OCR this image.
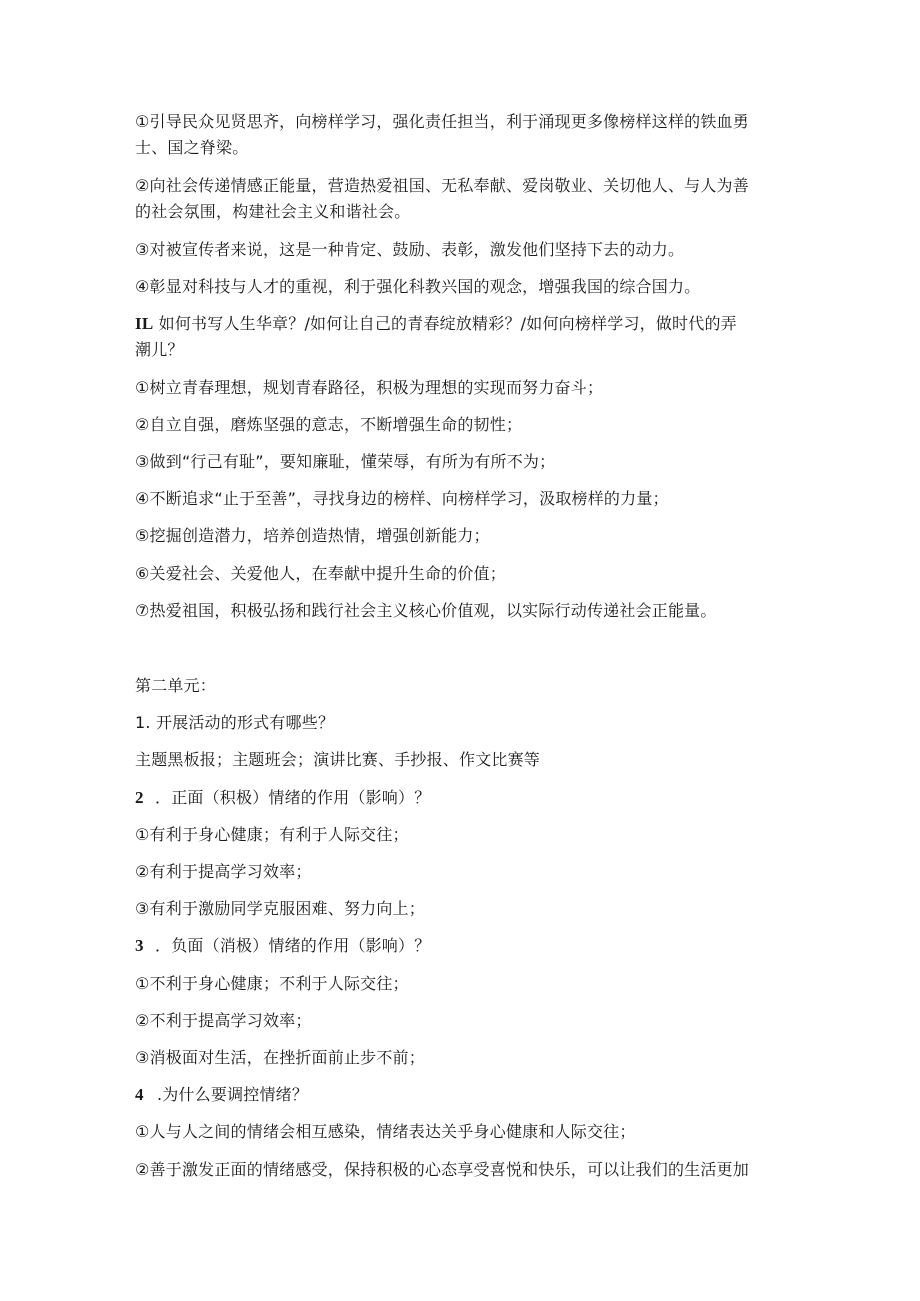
①引导民众见贤思齐，向榜样学习，强化责任担当，利于涌现更多像榜样这样的铁血勇
士、国之脊梁。
②向社会传递情感正能量，营造热爱祖国、无私奉献、爱岗敬业、关切他人、与人为善
的社会氛围，构建社会主义和谐社会。
③对被宣传者来说，这是一种肯定、鼓励、表彰，激发他们坚持下去的动力。
④彰显对科技与人才的重视，利于强化科教兴国的观念，增强我国的综合国力。
IL 如何书写人生华章？/如何让自己的青春绽放精彩？/如何向榜样学习，做时代的弄
潮儿？
①树立青春理想，规划青春路径，积极为理想的实现而努力奋斗；
②自立自强，磨炼坚强的意志，不断增强生命的韧性；
③做到“行己有耻”，要知廉耻，懂荣辱，有所为有所不为；
④不断追求“止于至善”，寻找身边的榜样、向榜样学习，汲取榜样的力量；
⑤挖掘创造潜力，培养创造热情，增强创新能力；
⑥关爱社会、关爱他人，在奉献中提升生命的价值；
⑦热爱祖国，积极弘扬和践行社会主义核心价值观，以实际行动传递社会正能量。
第二单元：
1. 开展活动的形式有哪些？
主题黑板报；主题班会；演讲比赛、手抄报、作文比赛等
2 ．正面（积极）情绪的作用（影响）？
①有利于身心健康；有利于人际交往；
②有利于提高学习效率；
③有利于激励同学克服困难、努力向上；
3 ．负面（消极）情绪的作用（影响）？
①不利于身心健康；不利于人际交往；
②不利于提高学习效率；
③消极面对生活，在挫折面前止步不前；
4 .为什么要调控情绪？
①人与人之间的情绪会相互感染，情绪表达关乎身心健康和人际交往；
②善于激发正面的情绪感受，保持积极的心态享受喜悦和快乐，可以让我们的生活更加
